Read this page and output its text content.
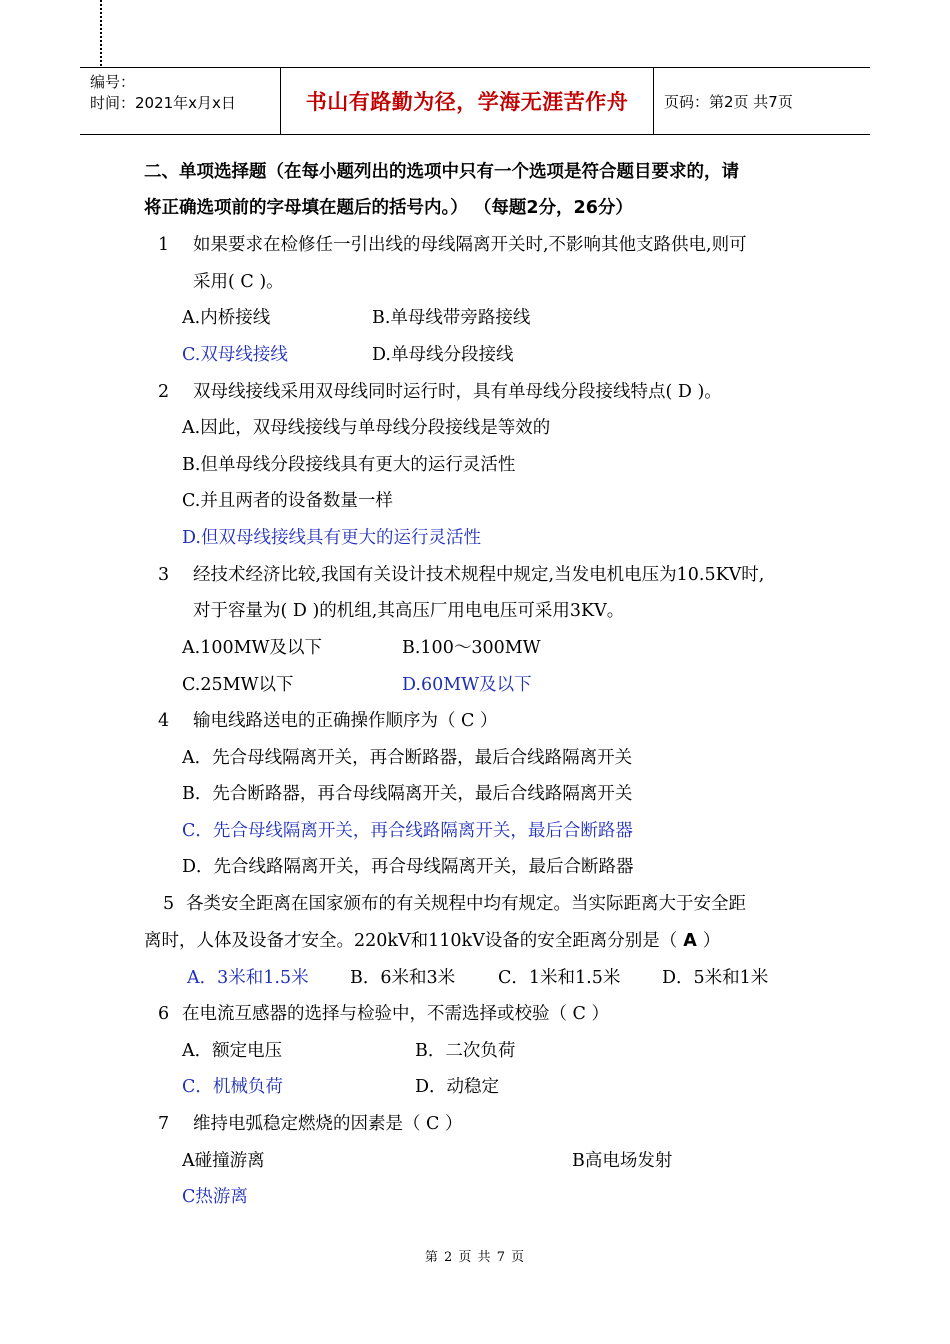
编号：
时间：2021年x月x日	书山有路勤为径，学海无涯苦作舟	页码：第2页 共7页
二、单项选择题（在每小题列出的选项中只有一个选项是符合题目要求的，请
将正确选项前的字母填在题后的括号内。） （每题2分，26分）
1 如果要求在检修任一引出线的母线隔离开关时,不影响其他支路供电,则可
采用( C )。
A.内桥接线	B.单母线带旁路接线
C.双母线接线	D.单母线分段接线
2 双母线接线采用双母线同时运行时，具有单母线分段接线特点( D )。
A.因此，双母线接线与单母线分段接线是等效的
B.但单母线分段接线具有更大的运行灵活性
C.并且两者的设备数量一样
D.但双母线接线具有更大的运行灵活性
3 经技术经济比较,我国有关设计技术规程中规定,当发电机电压为10.5KV时,
对于容量为( D )的机组,其高压厂用电电压可采用3KV。
A.100MW及以下	B.100～300MW
C.25MW以下	D.60MW及以下
4 输电线路送电的正确操作顺序为（ C ）
A．先合母线隔离开关，再合断路器，最后合线路隔离开关
B．先合断路器，再合母线隔离开关，最后合线路隔离开关
C．先合母线隔离开关，再合线路隔离开关，最后合断路器
D．先合线路隔离开关，再合母线隔离开关，最后合断路器
5 各类安全距离在国家颁布的有关规程中均有规定。当实际距离大于安全距
离时，人体及设备才安全。220kV和110kV设备的安全距离分别是（ A ）
A．3米和1.5米 B．6米和3米 C．1米和1.5米 D．5米和1米
6 在电流互感器的选择与检验中，不需选择或校验（ C ）
A．额定电压	B．二次负荷
C．机械负荷	D．动稳定
7 维持电弧稳定燃烧的因素是（ C ）
A碰撞游离	B高电场发射
C热游离
第 2 页 共 7 页
